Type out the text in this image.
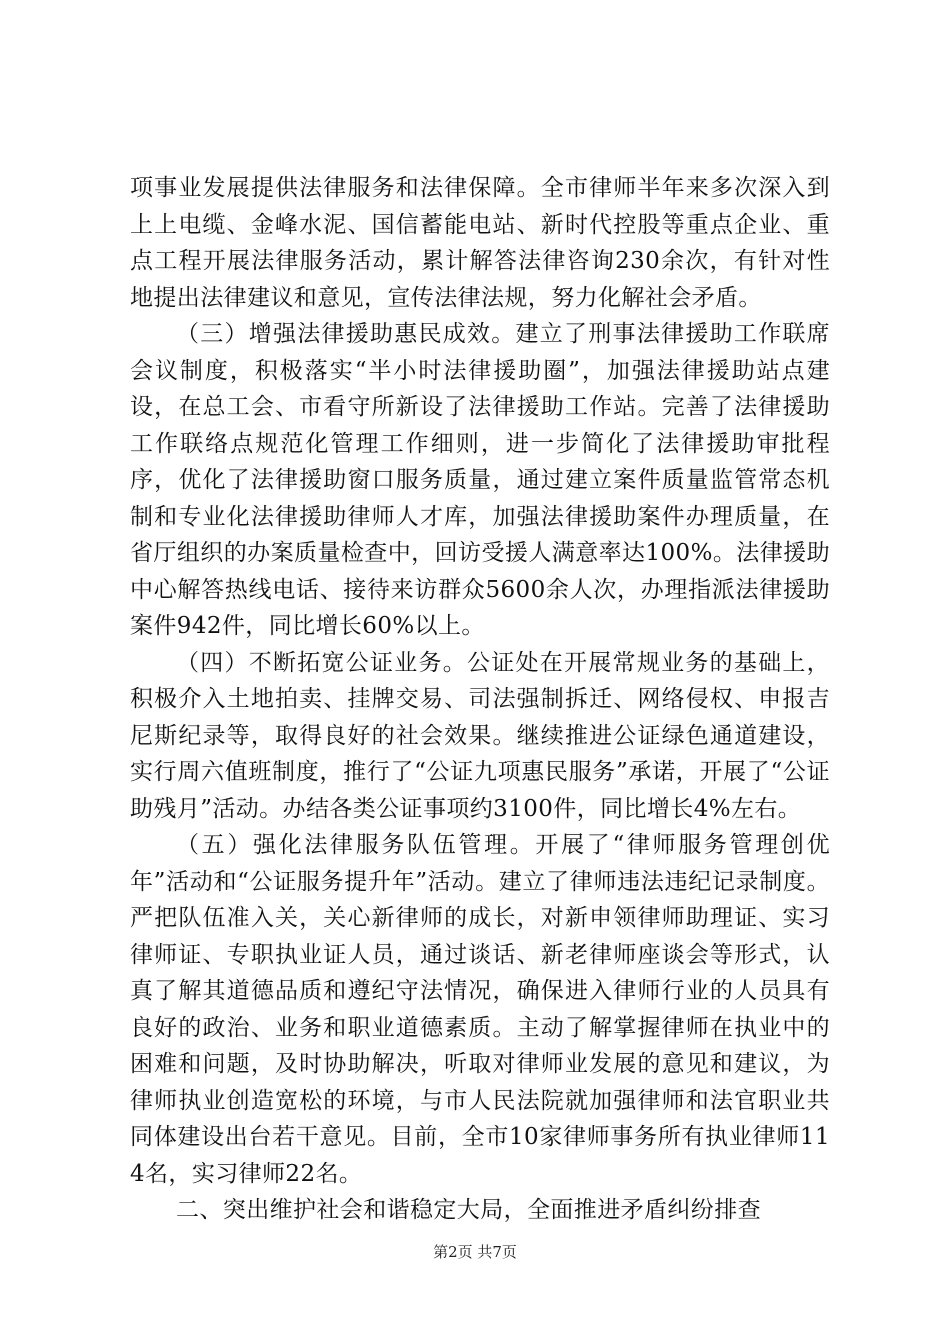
项事业发展提供法律服务和法律保障。全市律师半年来多次深入到上上电缆、金峰水泥、国信蓄能电站、新时代控股等重点企业、重点工程开展法律服务活动，累计解答法律咨询230余次，有针对性地提出法律建议和意见，宣传法律法规，努力化解社会矛盾。

（三）增强法律援助惠民成效。建立了刑事法律援助工作联席会议制度，积极落实“半小时法律援助圈”，加强法律援助站点建设，在总工会、市看守所新设了法律援助工作站。完善了法律援助工作联络点规范化管理工作细则，进一步简化了法律援助审批程序，优化了法律援助窗口服务质量，通过建立案件质量监管常态机制和专业化法律援助律师人才库，加强法律援助案件办理质量，在省厅组织的办案质量检查中，回访受援人满意率达100%。法律援助中心解答热线电话、接待来访群众5600余人次，办理指派法律援助案件942件，同比增长60%以上。

（四）不断拓宽公证业务。公证处在开展常规业务的基础上，积极介入土地拍卖、挂牌交易、司法强制拆迁、网络侵权、申报吉尼斯纪录等，取得良好的社会效果。继续推进公证绿色通道建设，实行周六值班制度，推行了“公证九项惠民服务”承诺，开展了“公证助残月”活动。办结各类公证事项约3100件，同比增长4%左右。

（五）强化法律服务队伍管理。开展了“律师服务管理创优年”活动和“公证服务提升年”活动。建立了律师违法违纪记录制度。严把队伍准入关，关心新律师的成长，对新申领律师助理证、实习律师证、专职执业证人员，通过谈话、新老律师座谈会等形式，认真了解其道德品质和遵纪守法情况，确保进入律师行业的人员具有良好的政治、业务和职业道德素质。主动了解掌握律师在执业中的困难和问题，及时协助解决，听取对律师业发展的意见和建议，为律师执业创造宽松的环境，与市人民法院就加强律师和法官职业共同体建设出台若干意见。目前，全市10家律师事务所有执业律师114名，实习律师22名。

二、突出维护社会和谐稳定大局，全面推进矛盾纠纷排查

第2页 共7页
